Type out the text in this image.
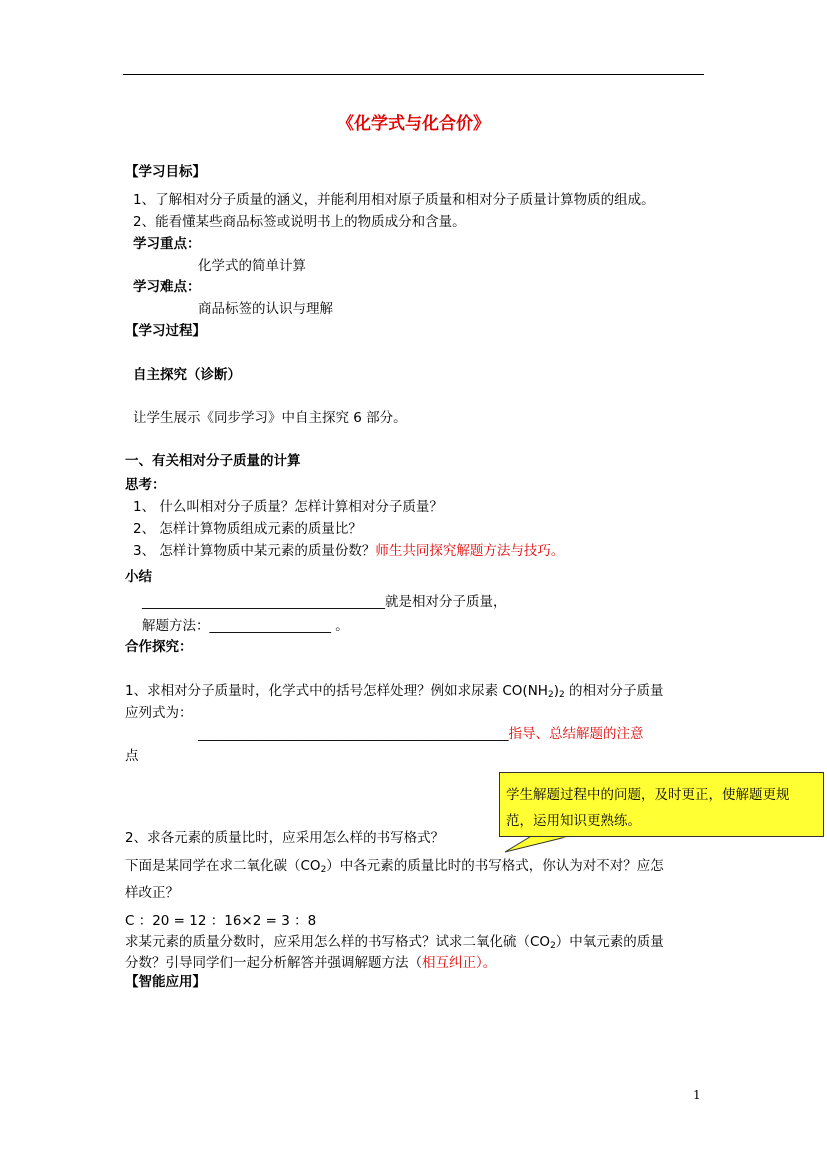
《化学式与化合价》
【学习目标】
1、了解相对分子质量的涵义，并能利用相对原子质量和相对分子质量计算物质的组成。
2、能看懂某些商品标签或说明书上的物质成分和含量。
学习重点：
化学式的简单计算
学习难点：
商品标签的认识与理解
【学习过程】
自主探究（诊断）
让学生展示《同步学习》中自主探究 6 部分。
一、有关相对分子质量的计算
思考：
1、 什么叫相对分子质量？怎样计算相对分子质量？
2、 怎样计算物质组成元素的质量比？
3、 怎样计算物质中某元素的质量份数？师生共同探究解题方法与技巧。
小结
____________________________________就是相对分子质量，
解题方法：__________________ 。
合作探究：
1、求相对分子质量时，化学式中的括号怎样处理？例如求尿素 $CO(NH_2)_2$ 的相对分子质量
应列式为：
______________________________________________指导、总结解题的注意
点
学生解题过程中的问题，及时更正，使解题更规范，运用知识更熟练。
2、求各元素的质量比时，应采用怎么样的书写格式？
下面是某同学在求二氧化碳$(CO_2)$中各元素的质量比时的书写格式，你认为对不对？应怎
样改正？
C ：20 = 12 ：16×2 = 3 ：8
求某元素的质量分数时，应采用怎么样的书写格式？试求二氧化硫$(CO_2)$中氧元素的质量
分数？引导同学们一起分析解答并强调解题方法（相互纠正）。
【智能应用】
1
